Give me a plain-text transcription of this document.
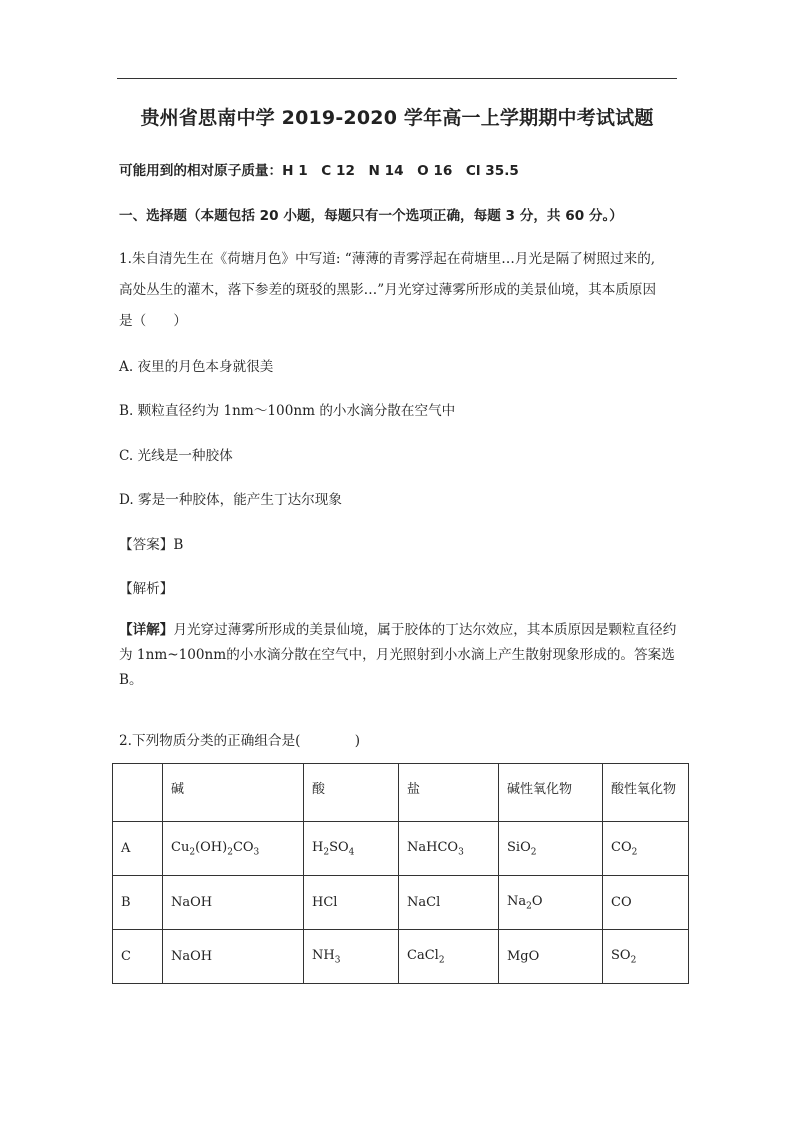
贵州省思南中学 2019-2020 学年高一上学期期中考试试题
可能用到的相对原子质量：H 1　C 12　N 14　O 16　Cl 35.5
一、选择题（本题包括 20 小题，每题只有一个选项正确，每题 3 分，共 60 分。）
1.朱自清先生在《荷塘月色》中写道: “薄薄的青雾浮起在荷塘里…月光是隔了树照过来的,
高处丛生的灌木，落下参差的斑驳的黑影…”月光穿过薄雾所形成的美景仙境，其本质原因
是（　　）
A. 夜里的月色本身就很美
B. 颗粒直径约为 1nm～100nm 的小水滴分散在空气中
C. 光线是一种胶体
D. 雾是一种胶体，能产生丁达尔现象
【答案】B
【解析】
【详解】月光穿过薄雾所形成的美景仙境，属于胶体的丁达尔效应，其本质原因是颗粒直径约为 1nm~100nm的小水滴分散在空气中，月光照射到小水滴上产生散射现象形成的。答案选 B。
2.下列物质分类的正确组合是(　　　　)
	碱	酸	盐	碱性氧化物	酸性氧化物
A	$Cu_2(OH)_2CO_3$	$H_2SO_4$	NaHCO$_3$	SiO$_2$	$CO_2$
B	NaOH	HCl	NaCl	$Na_2O$	CO
C	NaOH	$NH_3$	CaCl$_2$	MgO	$SO_2$
